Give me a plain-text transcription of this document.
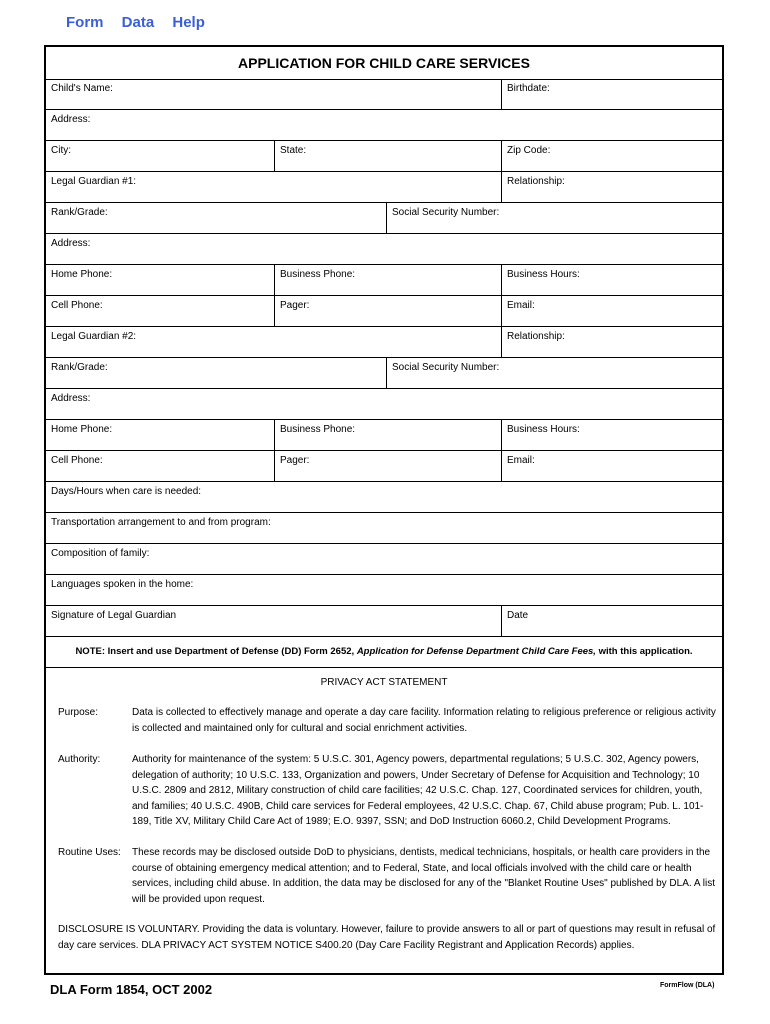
Form Data Help
APPLICATION FOR CHILD CARE SERVICES
Child's Name:	Birthdate:
Address:
City:	State:	Zip Code:
Legal Guardian #1:	Relationship:
Rank/Grade:	Social Security Number:
Address:
Home Phone:	Business Phone:	Business Hours:
Cell Phone:	Pager:	Email:
Legal Guardian #2:	Relationship:
Rank/Grade:	Social Security Number:
Address:
Home Phone:	Business Phone:	Business Hours:
Cell Phone:	Pager:	Email:
Days/Hours when care is needed:
Transportation arrangement to and from program:
Composition of family:
Languages spoken in the home:
Signature of Legal Guardian	Date
NOTE: Insert and use Department of Defense (DD) Form 2652, Application for Defense Department Child Care Fees, with this application.
PRIVACY ACT STATEMENT
Purpose:	Data is collected to effectively manage and operate a day care facility. Information relating to religious preference or religious activity is collected and maintained only for cultural and social enrichment activities.
Authority:	Authority for maintenance of the system: 5 U.S.C. 301, Agency powers, departmental regulations; 5 U.S.C. 302, Agency powers, delegation of authority; 10 U.S.C. 133, Organization and powers, Under Secretary of Defense for Acquisition and Technology; 10 U.S.C. 2809 and 2812, Military construction of child care facilities; 42 U.S.C. Chap. 127, Coordinated services for children, youth, and families; 40 U.S.C. 490B, Child care services for Federal employees, 42 U.S.C. Chap. 67, Child abuse program; Pub. L. 101-189, Title XV, Military Child Care Act of 1989; E.O. 9397, SSN; and DoD Instruction 6060.2, Child Development Programs.
Routine Uses:	These records may be disclosed outside DoD to physicians, dentists, medical technicians, hospitals, or health care providers in the course of obtaining emergency medical attention; and to Federal, State, and local officials involved with the child care or health services, including child abuse. In addition, the data may be disclosed for any of the "Blanket Routine Uses" published by DLA. A list will be provided upon request.
DISCLOSURE IS VOLUNTARY. Providing the data is voluntary. However, failure to provide answers to all or part of questions may result in refusal of day care services. DLA PRIVACY ACT SYSTEM NOTICE S400.20 (Day Care Facility Registrant and Application Records) applies.
DLA Form 1854, OCT 2002	FormFlow (DLA)
